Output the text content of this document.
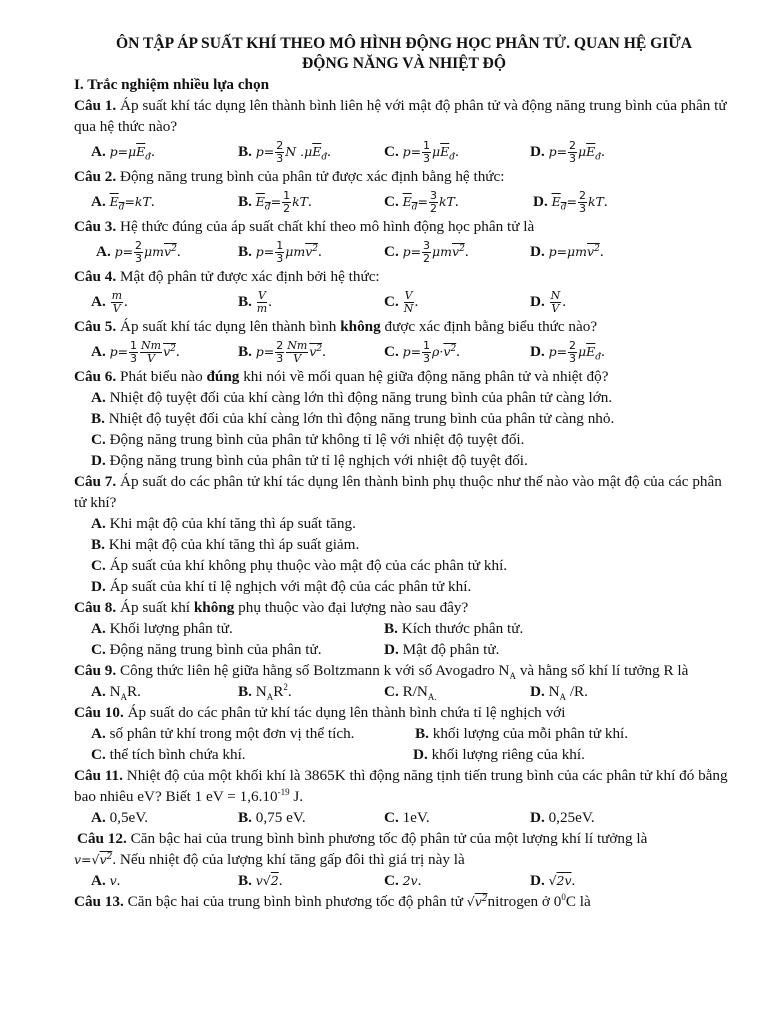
ÔN TẬP ÁP SUẤT KHÍ THEO MÔ HÌNH ĐỘNG HỌC PHÂN TỬ. QUAN HỆ GIỮA
ĐỘNG NĂNG VÀ NHIỆT ĐỘ
I. Trắc nghiệm nhiều lựa chọn
Câu 1. Áp suất khí tác dụng lên thành bình liên hệ với mật độ phân tử và động năng trung bình của phân tử qua hệ thức nào?
A. $p=\mu\overline{E}_đ$.	B. $p= \frac{2}{3}$ N $.\mu\overline{E}_đ$.	C. $p= \frac{1}{3} \mu\overline{E}_đ$.	D. $p= \frac{2}{3} \mu\overline{E}_đ$.
Câu 2. Động năng trung bình của phân tử được xác định bằng hệ thức:
A. $E_đ=kT$.	B. $E_đ= \frac{1}{2}$ kT.	C. $E_đ= \frac{3}{2}$ kT.	D. $E_đ= \frac{2}{3}$ kT.
Câu 3. Hệ thức đúng của áp suất chất khí theo mô hình động học phân tử là
A. $p= \frac{2}{3} \mu mv^2$.	B. $p= \frac{1}{3} \mu mv^2$.	C. $p= \frac{3}{2} \mu mv^2$.	D. p=μmv$^2$.
Câu 4. Mật độ phân tử được xác định bởi hệ thức:
A. $\frac{m}{V}$ .	B. $\frac{V}{m}$ .	C. $\frac{V}{N}$ .	D. $\frac{N}{V}$ .
Câu 5. Áp suất khí tác dụng lên thành bình không được xác định bằng biểu thức nào?
A. $p= \frac{1}{3} \frac{Nm}{V} v^2$.	B. $p= \frac{2}{3} \frac{Nm}{V} v^2$.	C. $p= \frac{1}{3} \rho\cdot v^2$.	D. $p= \frac{2}{3} \mu\overline{E}_đ$.
Câu 6. Phát biểu nào đúng khi nói về mối quan hệ giữa động năng phân tử và nhiệt độ?
A. Nhiệt độ tuyệt đối của khí càng lớn thì động năng trung bình của phân tử càng lớn.
B. Nhiệt độ tuyệt đối của khí càng lớn thì động năng trung bình của phân tử càng nhỏ.
C. Động năng trung bình của phân tử không tỉ lệ với nhiệt độ tuyệt đối.
D. Động năng trung bình của phân tử tỉ lệ nghịch với nhiệt độ tuyệt đối.
Câu 7. Áp suất do các phân tử khí tác dụng lên thành bình phụ thuộc như thế nào vào mật độ của các phân tử khí?
A. Khi mật độ của khí tăng thì áp suất tăng.
B. Khi mật độ của khí tăng thì áp suất giảm.
C. Áp suất của khí không phụ thuộc vào mật độ của các phân tử khí.
D. Áp suất của khí tỉ lệ nghịch với mật độ của các phân tử khí.
Câu 8. Áp suất khí không phụ thuộc vào đại lượng nào sau đây?
A. Khối lượng phân tử.	B. Kích thước phân tử.
C. Động năng trung bình của phân tử.	D. Mật độ phân tử.
Câu 9. Công thức liên hệ giữa hằng số Boltzmann k với số Avogadro $N_A$ và hằng số khí lí tưởng R là
A. $N_AR$.	B. $N_AR^2$.	C. $R/N_{A.}$	D. $N_A$ /R.
Câu 10. Áp suất do các phân tử khí tác dụng lên thành bình chứa tỉ lệ nghịch với
A. số phân tử khí trong một đơn vị thể tích.	B. khối lượng của mỗi phân tử khí.
C. thể tích bình chứa khí.	D. khối lượng riêng của khí.
Câu 11. Nhiệt độ của một khối khí là 3865K thì động năng tịnh tiến trung bình của các phân tử khí đó bằng bao nhiêu eV? Biết 1 eV = $1,6.10^{-19}$ J.
A. 0,5eV.	B. 0,75 eV.	C. 1eV.	D. 0,25eV.
Câu 12. Căn bậc hai của trung bình bình phương tốc độ phân tử của một lượng khí lí tưởng là
$v=√v^2$. Nếu nhiệt độ của lượng khí tăng gấp đôi thì giá trị này là
A. v.	B. v√2.	C. 2v.	D. √2v.
Câu 13. Căn bậc hai của trung bình bình phương tốc độ phân tử $√v^2nitrogen$ ở $0^0C$ là
